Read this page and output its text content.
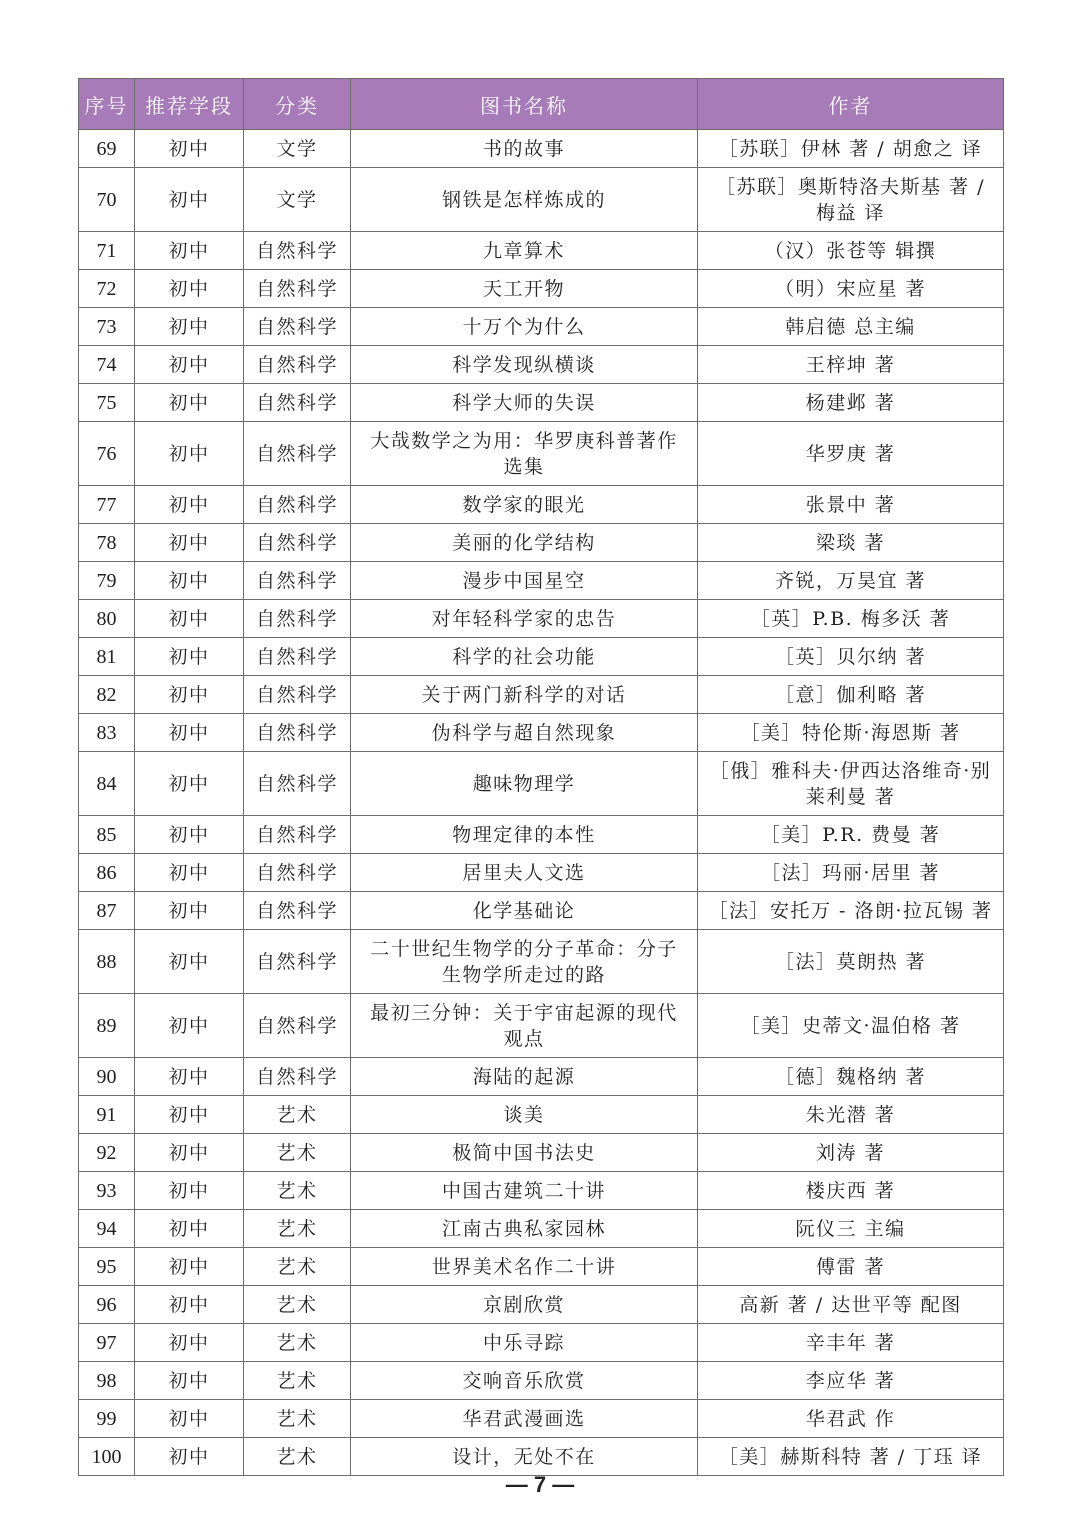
序号	推荐学段	分类	图书名称	作者
69	初中	文学	书的故事	［苏联］伊林 著 / 胡愈之 译
70	初中	文学	钢铁是怎样炼成的	［苏联］奥斯特洛夫斯基 著 / 梅益 译
71	初中	自然科学	九章算术	（汉）张苍等 辑撰
72	初中	自然科学	天工开物	（明）宋应星 著
73	初中	自然科学	十万个为什么	韩启德 总主编
74	初中	自然科学	科学发现纵横谈	王梓坤 著
75	初中	自然科学	科学大师的失误	杨建邺 著
76	初中	自然科学	大哉数学之为用：华罗庚科普著作选集	华罗庚 著
77	初中	自然科学	数学家的眼光	张景中 著
78	初中	自然科学	美丽的化学结构	梁琰 著
79	初中	自然科学	漫步中国星空	齐锐，万昊宜 著
80	初中	自然科学	对年轻科学家的忠告	［英］P.B. 梅多沃 著
81	初中	自然科学	科学的社会功能	［英］贝尔纳 著
82	初中	自然科学	关于两门新科学的对话	［意］伽利略 著
83	初中	自然科学	伪科学与超自然现象	［美］特伦斯·海恩斯 著
84	初中	自然科学	趣味物理学	［俄］雅科夫·伊西达洛维奇·别莱利曼 著
85	初中	自然科学	物理定律的本性	［美］P.R. 费曼 著
86	初中	自然科学	居里夫人文选	［法］玛丽·居里 著
87	初中	自然科学	化学基础论	［法］安托万 - 洛朗·拉瓦锡 著
88	初中	自然科学	二十世纪生物学的分子革命：分子生物学所走过的路	［法］莫朗热 著
89	初中	自然科学	最初三分钟：关于宇宙起源的现代观点	［美］史蒂文·温伯格 著
90	初中	自然科学	海陆的起源	［德］魏格纳 著
91	初中	艺术	谈美	朱光潜 著
92	初中	艺术	极简中国书法史	刘涛 著
93	初中	艺术	中国古建筑二十讲	楼庆西 著
94	初中	艺术	江南古典私家园林	阮仪三 主编
95	初中	艺术	世界美术名作二十讲	傅雷 著
96	初中	艺术	京剧欣赏	高新 著 / 达世平等 配图
97	初中	艺术	中乐寻踪	辛丰年 著
98	初中	艺术	交响音乐欣赏	李应华 著
99	初中	艺术	华君武漫画选	华君武 作
100	初中	艺术	设计，无处不在	［美］赫斯科特 著 / 丁珏 译
— 7 —
